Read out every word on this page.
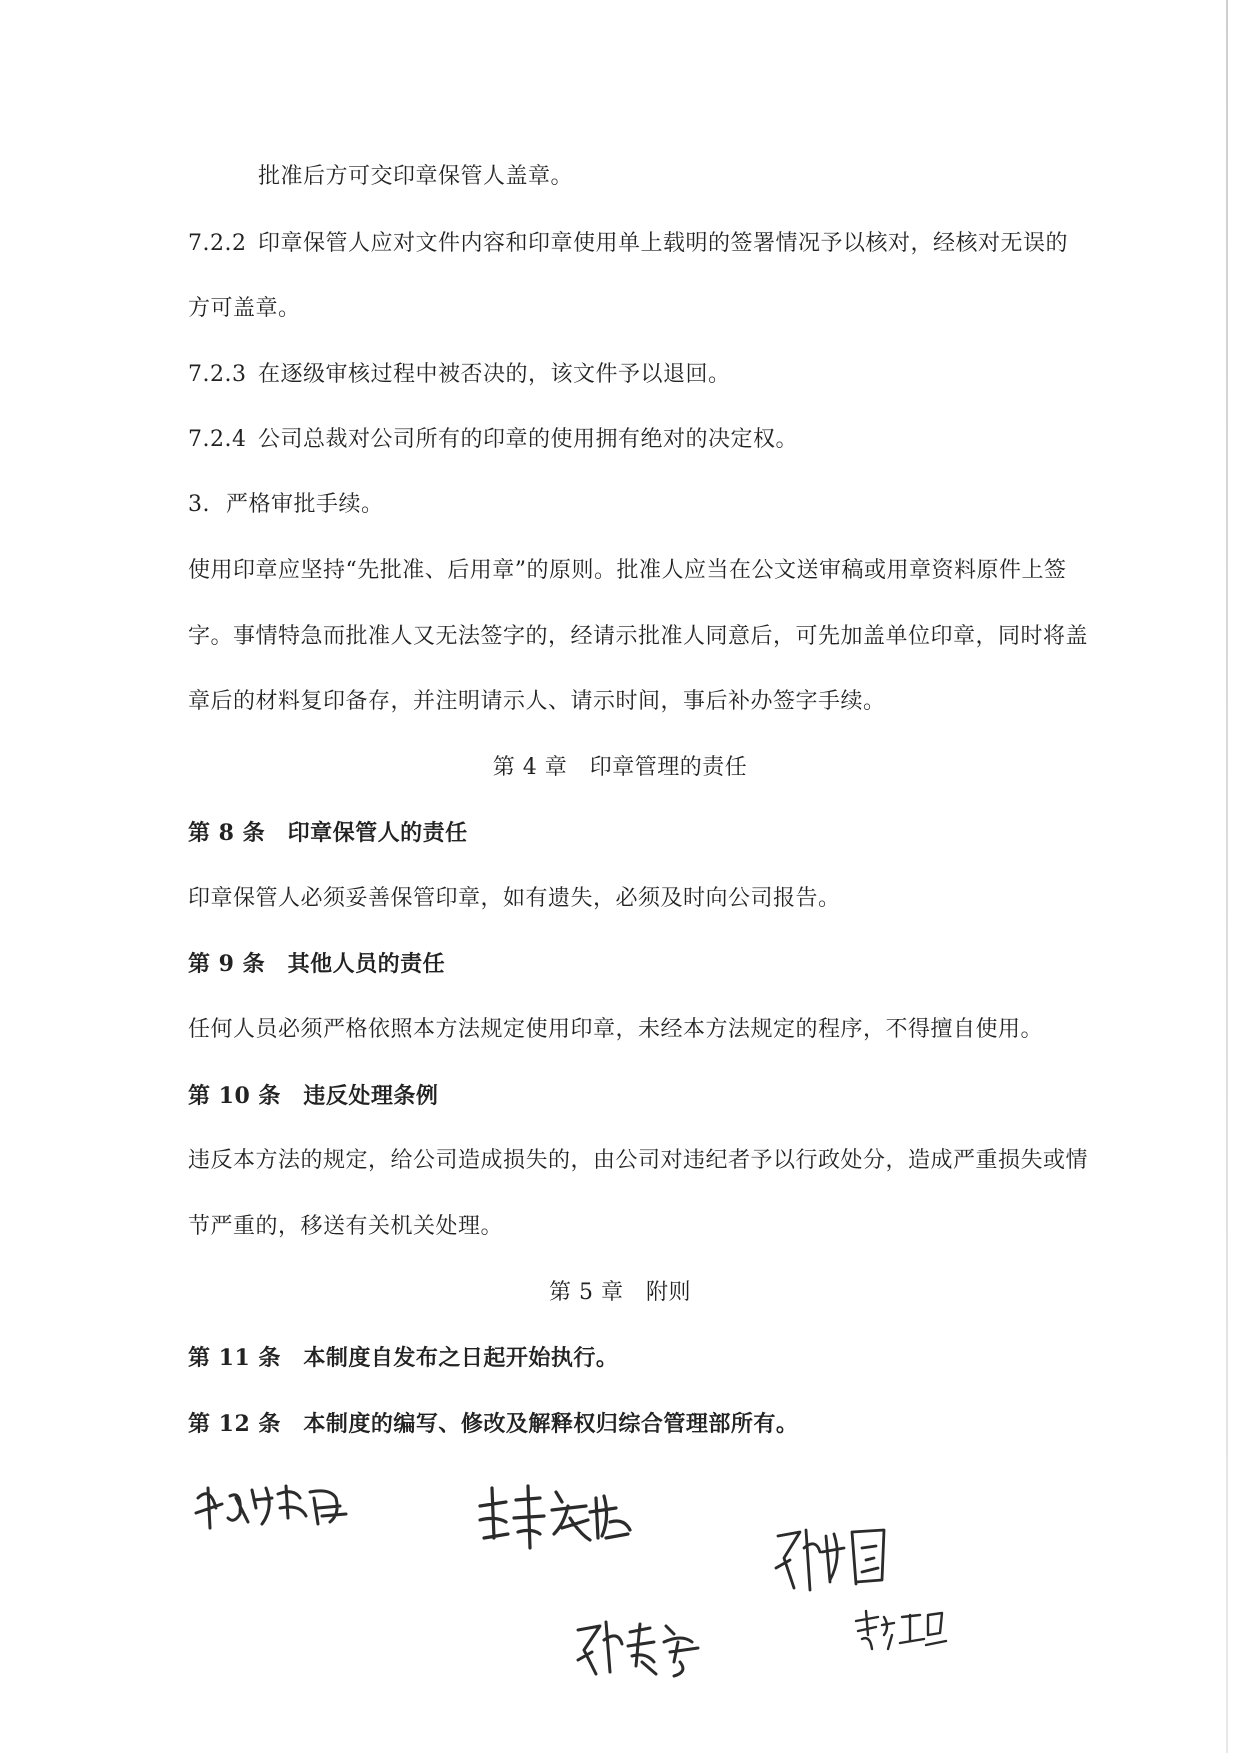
批准后方可交印章保管人盖章。
7.2.2 印章保管人应对文件内容和印章使用单上载明的签署情况予以核对，经核对无误的
方可盖章。
7.2.3 在逐级审核过程中被否决的，该文件予以退回。
7.2.4 公司总裁对公司所有的印章的使用拥有绝对的决定权。
3. 严格审批手续。
使用印章应坚持“先批准、后用章”的原则。批准人应当在公文送审稿或用章资料原件上签
字。事情特急而批准人又无法签字的，经请示批准人同意后，可先加盖单位印章，同时将盖
章后的材料复印备存，并注明请示人、请示时间，事后补办签字手续。
第 4 章　印章管理的责任
第 8 条　印章保管人的责任
印章保管人必须妥善保管印章，如有遗失，必须及时向公司报告。
第 9 条　其他人员的责任
任何人员必须严格依照本方法规定使用印章，未经本方法规定的程序，不得擅自使用。
第 10 条　违反处理条例
违反本方法的规定，给公司造成损失的，由公司对违纪者予以行政处分，造成严重损失或情
节严重的，移送有关机关处理。
第 5 章　附则
第 11 条　本制度自发布之日起开始执行。
第 12 条　本制度的编写、修改及解释权归综合管理部所有。
